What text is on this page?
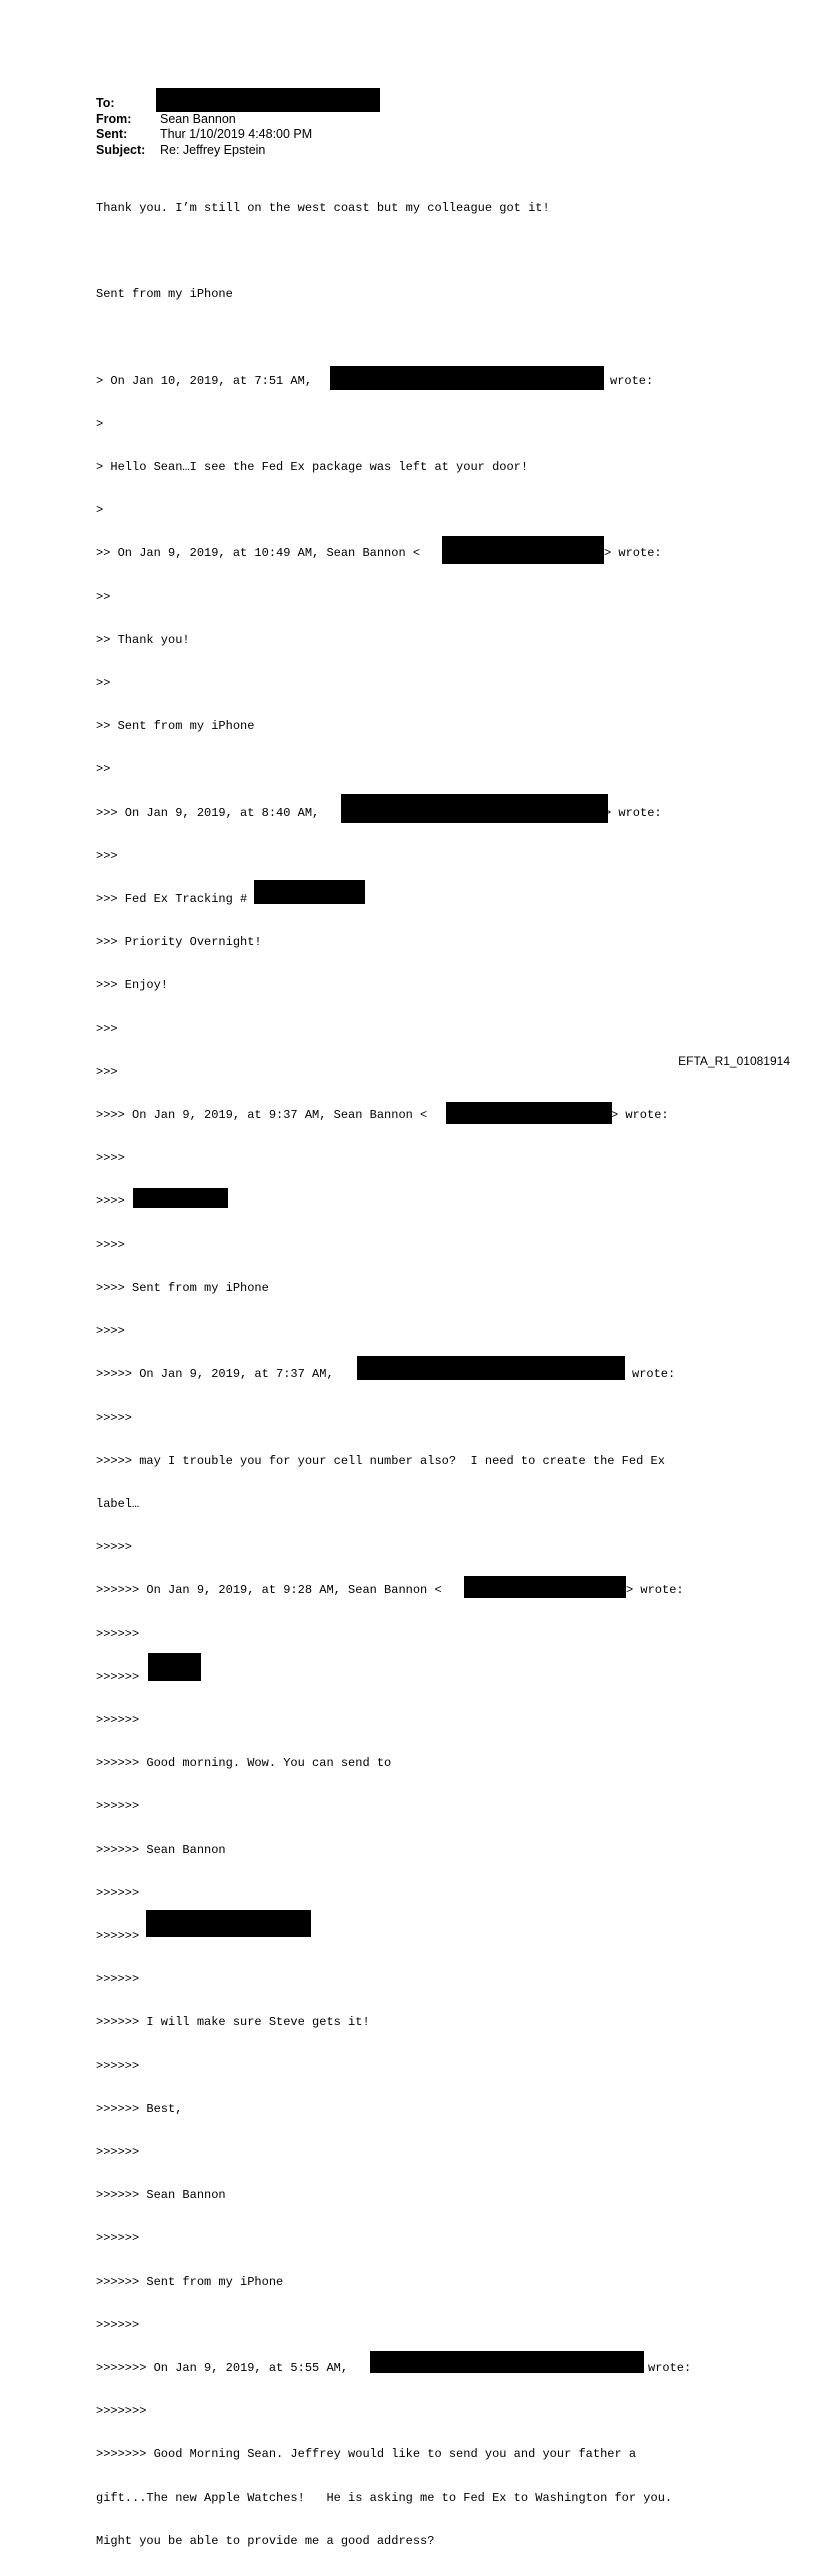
To:
From: Sean Bannon
Sent:	Thur 1/10/2019 4:48:00 PM
Subject: Re: Jeffrey Epstein

Thank you. I’m still on the west coast but my colleague got it!

Sent from my iPhone

> On Jan 10, 2019, at 7:51 AM,	wrote:

>

> Hello Sean…I see the Fed Ex package was left at your door!

>

>> On Jan 9, 2019, at 10:49 AM, Sean Bannon <	> wrote:

>>

>> Thank you!

>>

>> Sent from my iPhone

>>

>>> On Jan 9, 2019, at 8:40 AM,	> wrote:

>>>

>>> Fed Ex Tracking #

>>> Priority Overnight!

>>> Enjoy!

>>>

>>>

>>>> On Jan 9, 2019, at 9:37 AM, Sean Bannon <	> wrote:

>>>>

>>>>

>>>>

>>>> Sent from my iPhone

>>>>

>>>>> On Jan 9, 2019, at 7:37 AM,	wrote:

>>>>>

>>>>> may I trouble you for your cell number also?  I need to create the Fed Ex

label…

>>>>>

>>>>>> On Jan 9, 2019, at 9:28 AM, Sean Bannon <	> wrote:

>>>>>>

>>>>>>

>>>>>>

>>>>>> Good morning. Wow. You can send to

>>>>>>

>>>>>> Sean Bannon

>>>>>>

>>>>>>

>>>>>>

>>>>>> I will make sure Steve gets it!

>>>>>>

>>>>>> Best,

>>>>>>

>>>>>> Sean Bannon

>>>>>>

>>>>>> Sent from my iPhone

>>>>>>

>>>>>>> On Jan 9, 2019, at 5:55 AM,	wrote:

>>>>>>>

>>>>>>> Good Morning Sean. Jeffrey would like to send you and your father a

gift...The new Apple Watches!   He is asking me to Fed Ex to Washington for you.

Might you be able to provide me a good address?

EFTA_R1_01081914
